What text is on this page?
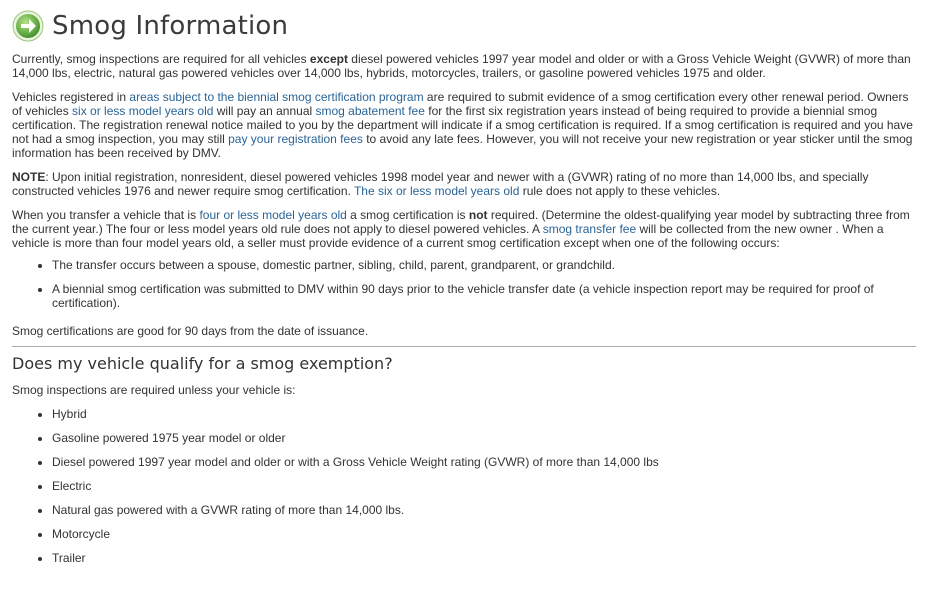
Smog Information

Currently, smog inspections are required for all vehicles except diesel powered vehicles 1997 year model and older or with a Gross Vehicle Weight (GVWR) of more than 14,000 lbs, electric, natural gas powered vehicles over 14,000 lbs, hybrids, motorcycles, trailers, or gasoline powered vehicles 1975 and older.

Vehicles registered in areas subject to the biennial smog certification program are required to submit evidence of a smog certification every other renewal period. Owners of vehicles six or less model years old will pay an annual smog abatement fee for the first six registration years instead of being required to provide a biennial smog certification. The registration renewal notice mailed to you by the department will indicate if a smog certification is required. If a smog certification is required and you have not had a smog inspection, you may still pay your registration fees to avoid any late fees. However, you will not receive your new registration or year sticker until the smog information has been received by DMV.

NOTE: Upon initial registration, nonresident, diesel powered vehicles 1998 model year and newer with a (GVWR) rating of no more than 14,000 lbs, and specially constructed vehicles 1976 and newer require smog certification. The six or less model years old rule does not apply to these vehicles.

When you transfer a vehicle that is four or less model years old a smog certification is not required. (Determine the oldest-qualifying year model by subtracting three from the current year.) The four or less model years old rule does not apply to diesel powered vehicles. A smog transfer fee will be collected from the new owner . When a vehicle is more than four model years old, a seller must provide evidence of a current smog certification except when one of the following occurs:

• The transfer occurs between a spouse, domestic partner, sibling, child, parent, grandparent, or grandchild.
• A biennial smog certification was submitted to DMV within 90 days prior to the vehicle transfer date (a vehicle inspection report may be required for proof of certification).

Smog certifications are good for 90 days from the date of issuance.

Does my vehicle qualify for a smog exemption?

Smog inspections are required unless your vehicle is:

• Hybrid
• Gasoline powered 1975 year model or older
• Diesel powered 1997 year model and older or with a Gross Vehicle Weight rating (GVWR) of more than 14,000 lbs
• Electric
• Natural gas powered with a GVWR rating of more than 14,000 lbs.
• Motorcycle
• Trailer
